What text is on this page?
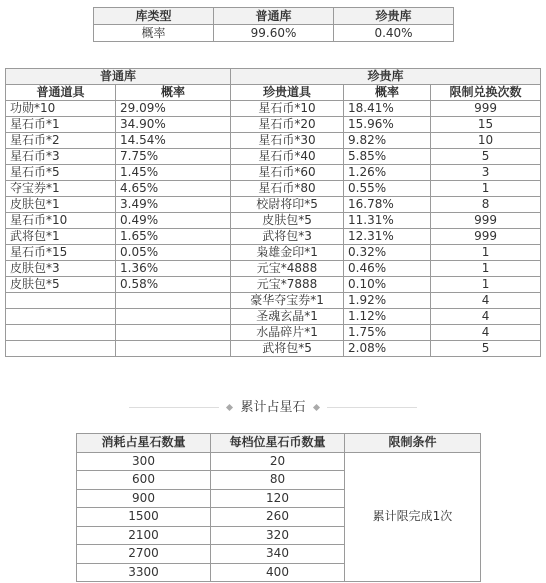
库类型	普通库	珍贵库
概率	99.60%	0.40%
普通库		珍贵库		
普通道具	概率	珍贵道具	概率	限制兑换次数
功勋*10	29.09%	星石币*10	18.41%	999
星石币*1	34.90%	星石币*20	15.96%	15
星石币*2	14.54%	星石币*30	9.82%	10
星石币*3	7.75%	星石币*40	5.85%	5
星石币*5	1.45%	星石币*60	1.26%	3
夺宝券*1	4.65%	星石币*80	0.55%	1
皮肤包*1	3.49%	校尉将印*5	16.78%	8
星石币*10	0.49%	皮肤包*5	11.31%	999
武将包*1	1.65%	武将包*3	12.31%	999
星石币*15	0.05%	枭雄金印*1	0.32%	1
皮肤包*3	1.36%	元宝*4888	0.46%	1
皮肤包*5	0.58%	元宝*7888	0.10%	1
		豪华夺宝券*1	1.92%	4
		圣魂玄晶*1	1.12%	4
		水晶碎片*1	1.75%	4
		武将包*5	2.08%	5
累计占星石
消耗占星石数量	每档位星石币数量	限制条件
300	20	累计限完成1次
600	80	
900	120	
1500	260	
2100	320	
2700	340	
3300	400	
